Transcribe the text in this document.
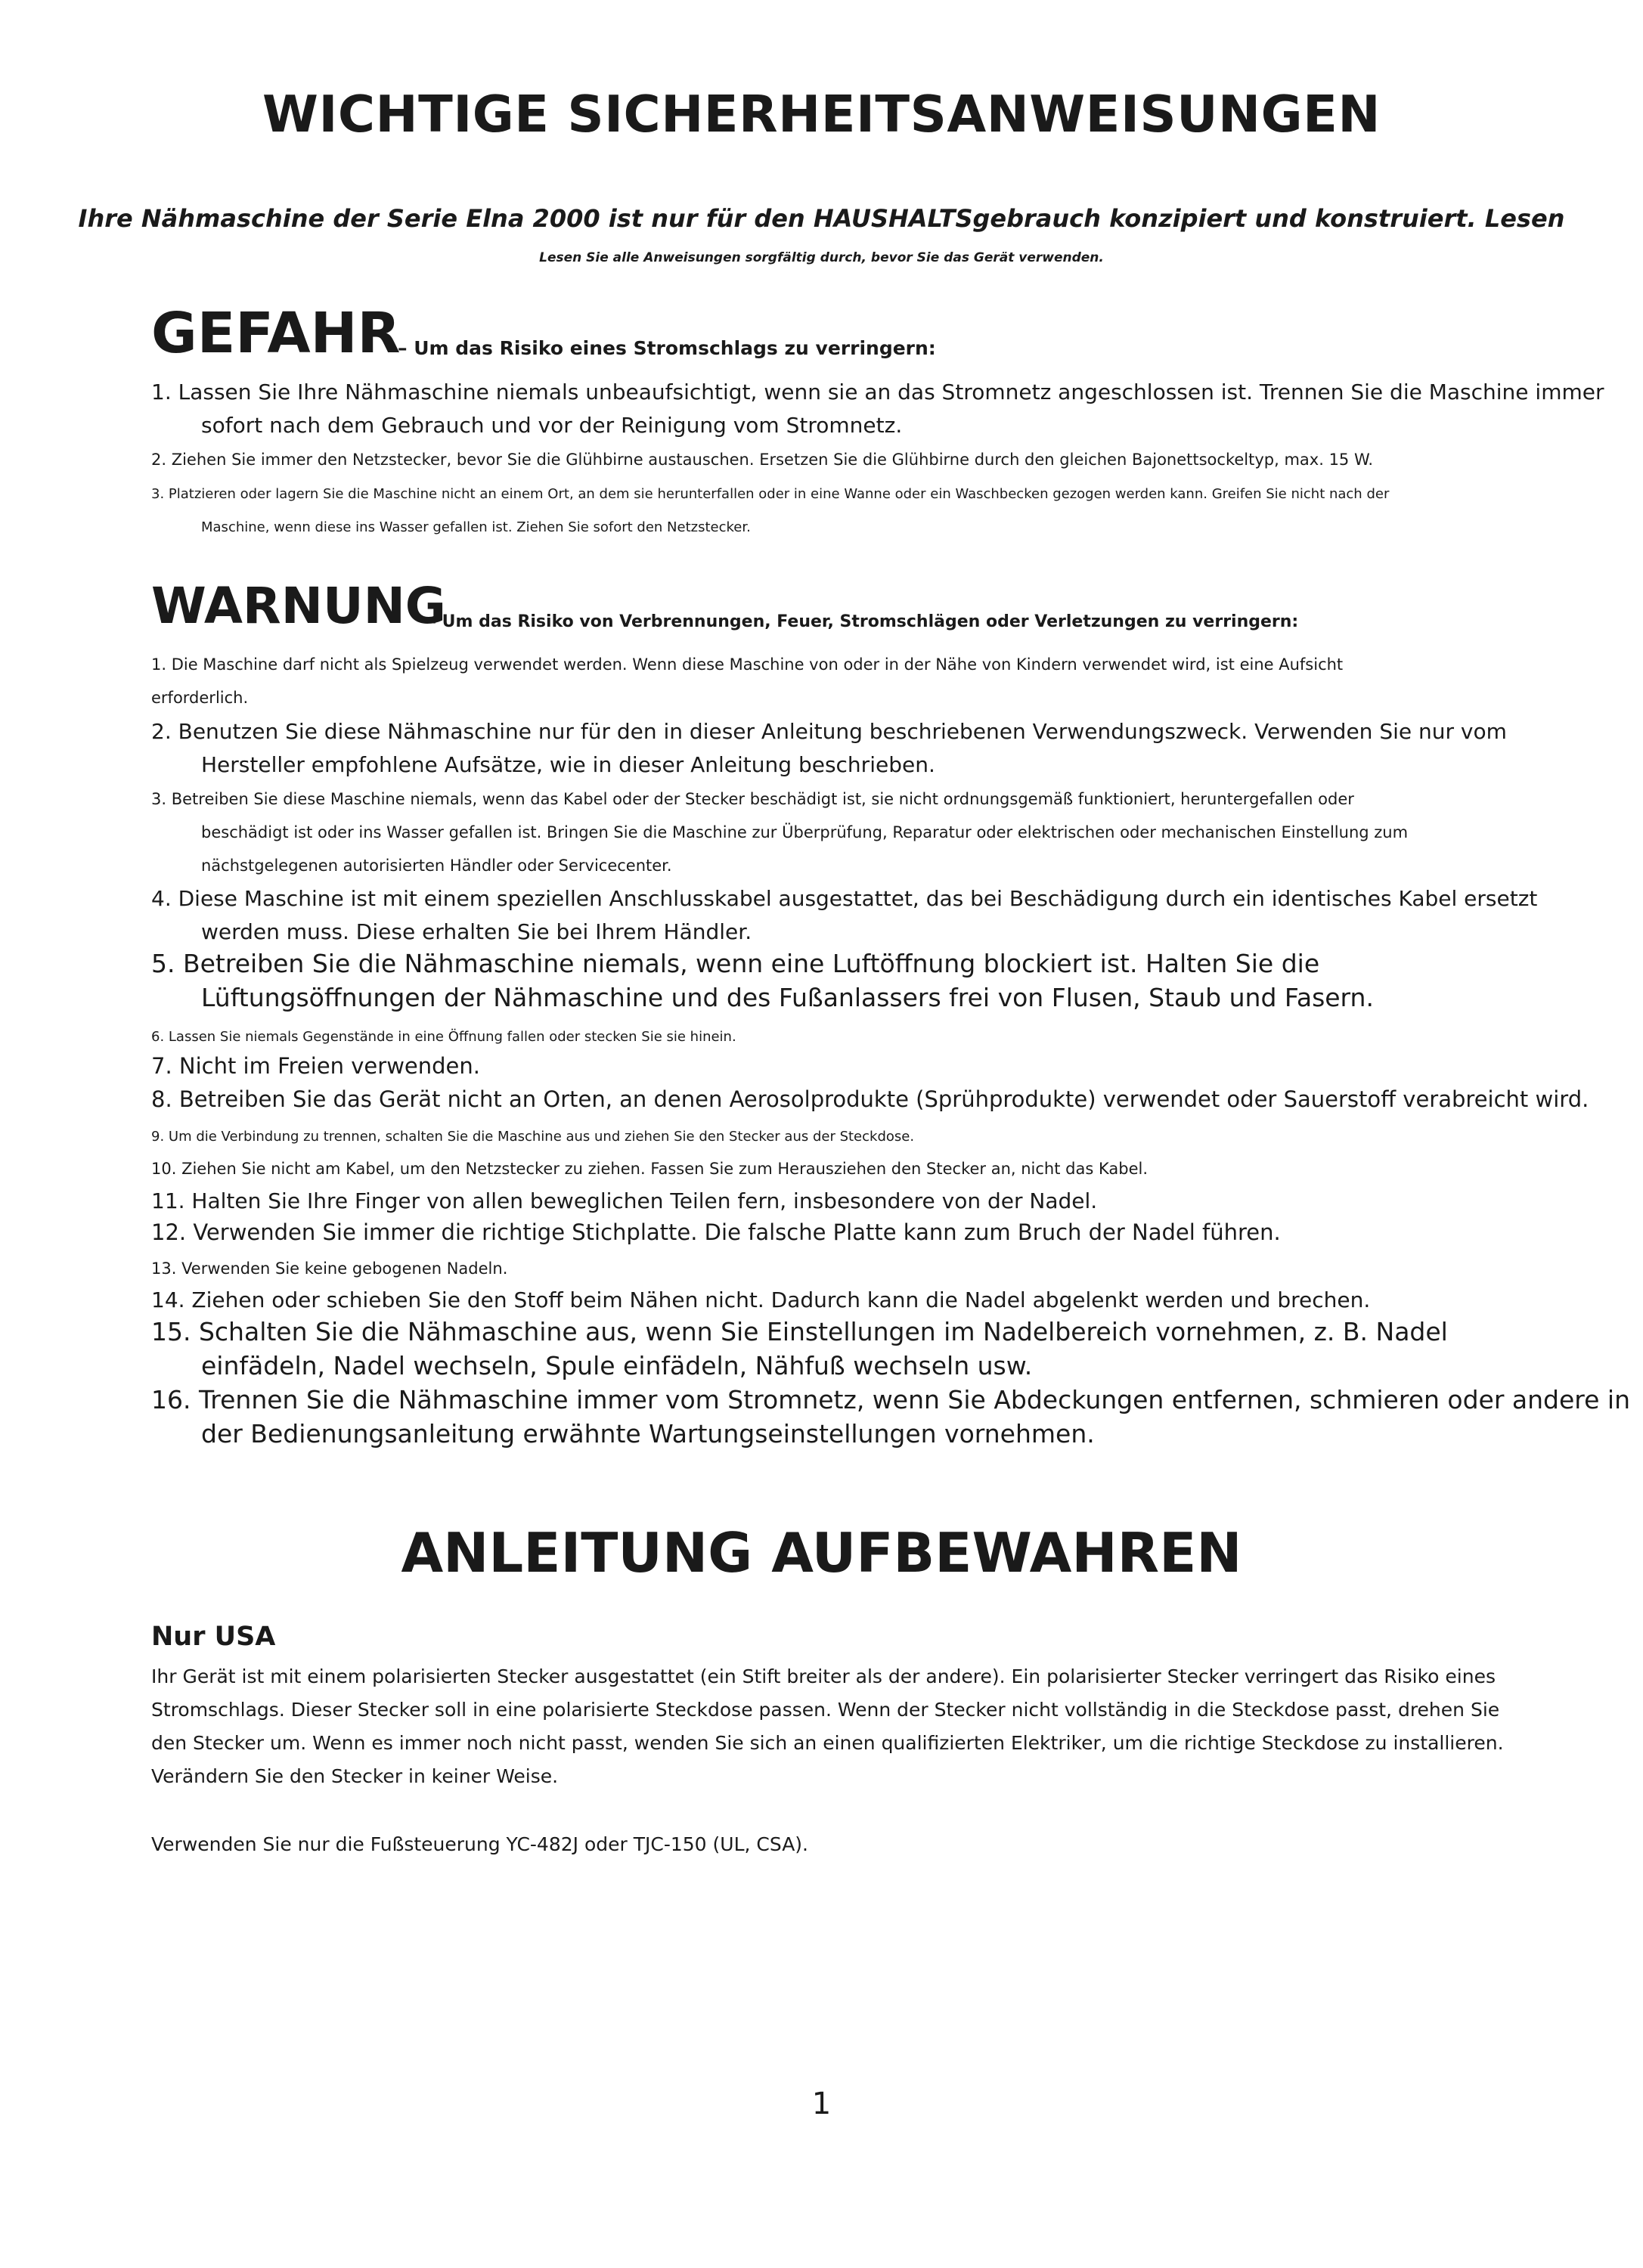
WICHTIGE SICHERHEITSANWEISUNGEN
Ihre Nähmaschine der Serie Elna 2000 ist nur für den HAUSHALTSgebrauch konzipiert und konstruiert. Lesen
Lesen Sie alle Anweisungen sorgfältig durch, bevor Sie das Gerät verwenden.
GEFAHR
– Um das Risiko eines Stromschlags zu verringern:
1. Lassen Sie Ihre Nähmaschine niemals unbeaufsichtigt, wenn sie an das Stromnetz angeschlossen ist. Trennen Sie die Maschine immer
sofort nach dem Gebrauch und vor der Reinigung vom Stromnetz.
2. Ziehen Sie immer den Netzstecker, bevor Sie die Glühbirne austauschen. Ersetzen Sie die Glühbirne durch den gleichen Bajonettsockeltyp, max. 15 W.
3. Platzieren oder lagern Sie die Maschine nicht an einem Ort, an dem sie herunterfallen oder in eine Wanne oder ein Waschbecken gezogen werden kann. Greifen Sie nicht nach der
Maschine, wenn diese ins Wasser gefallen ist. Ziehen Sie sofort den Netzstecker.
WARNUNG
– Um das Risiko von Verbrennungen, Feuer, Stromschlägen oder Verletzungen zu verringern:
1. Die Maschine darf nicht als Spielzeug verwendet werden. Wenn diese Maschine von oder in der Nähe von Kindern verwendet wird, ist eine Aufsicht
erforderlich.
2. Benutzen Sie diese Nähmaschine nur für den in dieser Anleitung beschriebenen Verwendungszweck. Verwenden Sie nur vom
Hersteller empfohlene Aufsätze, wie in dieser Anleitung beschrieben.
3. Betreiben Sie diese Maschine niemals, wenn das Kabel oder der Stecker beschädigt ist, sie nicht ordnungsgemäß funktioniert, heruntergefallen oder
beschädigt ist oder ins Wasser gefallen ist. Bringen Sie die Maschine zur Überprüfung, Reparatur oder elektrischen oder mechanischen Einstellung zum
nächstgelegenen autorisierten Händler oder Servicecenter.
4. Diese Maschine ist mit einem speziellen Anschlusskabel ausgestattet, das bei Beschädigung durch ein identisches Kabel ersetzt
werden muss. Diese erhalten Sie bei Ihrem Händler.
5. Betreiben Sie die Nähmaschine niemals, wenn eine Luftöffnung blockiert ist. Halten Sie die
Lüftungsöffnungen der Nähmaschine und des Fußanlassers frei von Flusen, Staub und Fasern.
6. Lassen Sie niemals Gegenstände in eine Öffnung fallen oder stecken Sie sie hinein.
7. Nicht im Freien verwenden.
8. Betreiben Sie das Gerät nicht an Orten, an denen Aerosolprodukte (Sprühprodukte) verwendet oder Sauerstoff verabreicht wird.
9. Um die Verbindung zu trennen, schalten Sie die Maschine aus und ziehen Sie den Stecker aus der Steckdose.
10. Ziehen Sie nicht am Kabel, um den Netzstecker zu ziehen. Fassen Sie zum Herausziehen den Stecker an, nicht das Kabel.
11. Halten Sie Ihre Finger von allen beweglichen Teilen fern, insbesondere von der Nadel.
12. Verwenden Sie immer die richtige Stichplatte. Die falsche Platte kann zum Bruch der Nadel führen.
13. Verwenden Sie keine gebogenen Nadeln.
14. Ziehen oder schieben Sie den Stoff beim Nähen nicht. Dadurch kann die Nadel abgelenkt werden und brechen.
15. Schalten Sie die Nähmaschine aus, wenn Sie Einstellungen im Nadelbereich vornehmen, z. B. Nadel
einfädeln, Nadel wechseln, Spule einfädeln, Nähfuß wechseln usw.
16. Trennen Sie die Nähmaschine immer vom Stromnetz, wenn Sie Abdeckungen entfernen, schmieren oder andere in
der Bedienungsanleitung erwähnte Wartungseinstellungen vornehmen.
ANLEITUNG AUFBEWAHREN
Nur USA
Ihr Gerät ist mit einem polarisierten Stecker ausgestattet (ein Stift breiter als der andere). Ein polarisierter Stecker verringert das Risiko eines
Stromschlags. Dieser Stecker soll in eine polarisierte Steckdose passen. Wenn der Stecker nicht vollständig in die Steckdose passt, drehen Sie
den Stecker um. Wenn es immer noch nicht passt, wenden Sie sich an einen qualifizierten Elektriker, um die richtige Steckdose zu installieren.
Verändern Sie den Stecker in keiner Weise.
Verwenden Sie nur die Fußsteuerung YC-482J oder TJC-150 (UL, CSA).
1
